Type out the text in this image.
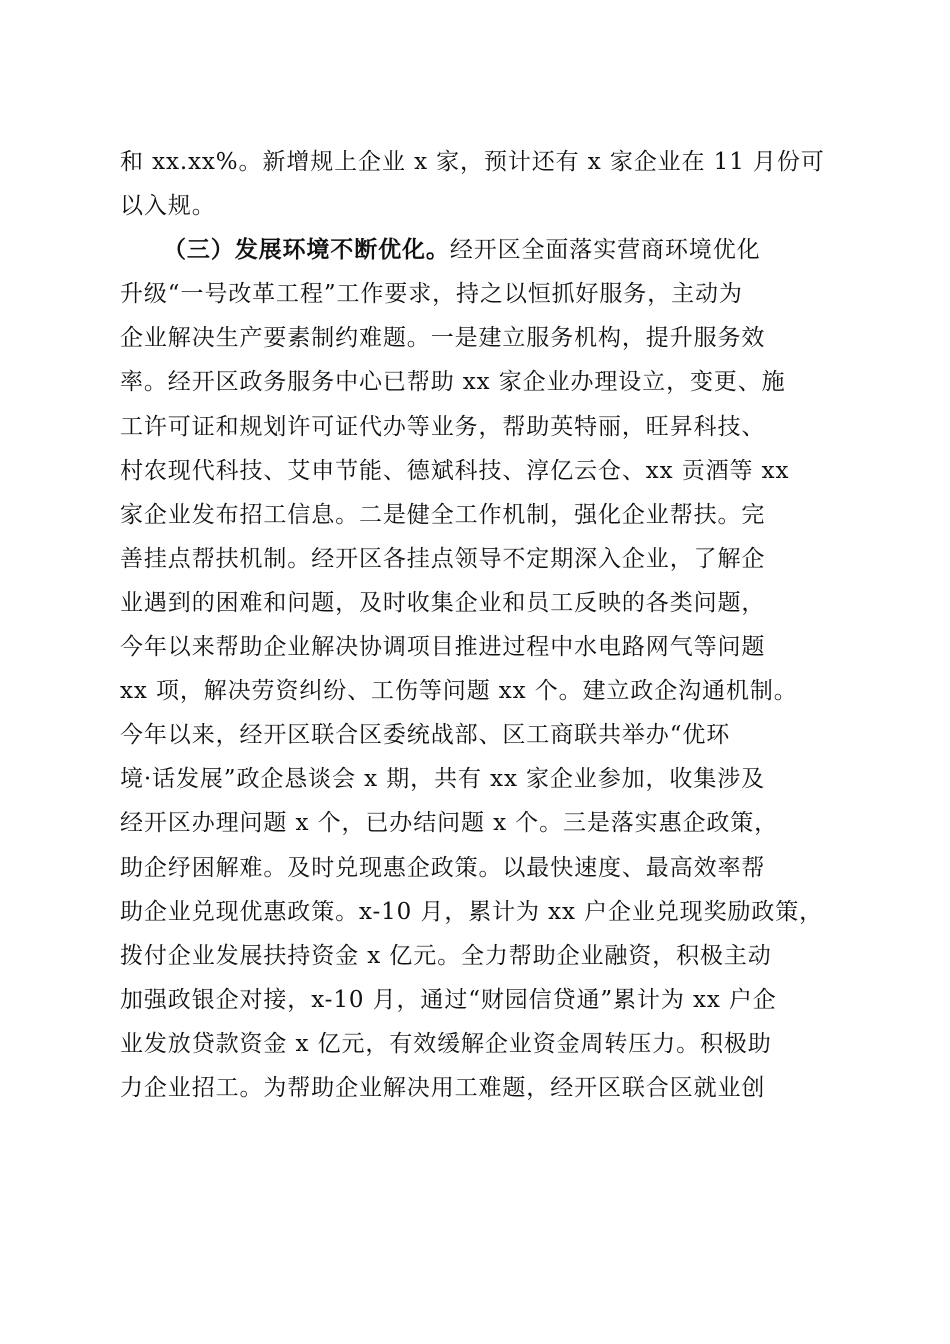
和 xx.xx%。新增规上企业 x 家，预计还有 x 家企业在 11 月份可
以入规。
（三）发展环境不断优化。经开区全面落实营商环境优化
升级“一号改革工程”工作要求，持之以恒抓好服务，主动为
企业解决生产要素制约难题。一是建立服务机构，提升服务效
率。经开区政务服务中心已帮助 xx 家企业办理设立，变更、施
工许可证和规划许可证代办等业务，帮助英特丽，旺昇科技、
村农现代科技、艾申节能、德斌科技、淳亿云仓、xx 贡酒等 xx
家企业发布招工信息。二是健全工作机制，强化企业帮扶。完
善挂点帮扶机制。经开区各挂点领导不定期深入企业，了解企
业遇到的困难和问题，及时收集企业和员工反映的各类问题，
今年以来帮助企业解决协调项目推进过程中水电路网气等问题
xx 项，解决劳资纠纷、工伤等问题 xx 个。建立政企沟通机制。
今年以来，经开区联合区委统战部、区工商联共举办“优环
境·话发展”政企恳谈会 x 期，共有 xx 家企业参加，收集涉及
经开区办理问题 x 个，已办结问题 x 个。三是落实惠企政策，
助企纾困解难。及时兑现惠企政策。以最快速度、最高效率帮
助企业兑现优惠政策。x-10 月，累计为 xx 户企业兑现奖励政策，
拨付企业发展扶持资金 x 亿元。全力帮助企业融资，积极主动
加强政银企对接，x-10 月，通过“财园信贷通”累计为 xx 户企
业发放贷款资金 x 亿元，有效缓解企业资金周转压力。积极助
力企业招工。为帮助企业解决用工难题，经开区联合区就业创
